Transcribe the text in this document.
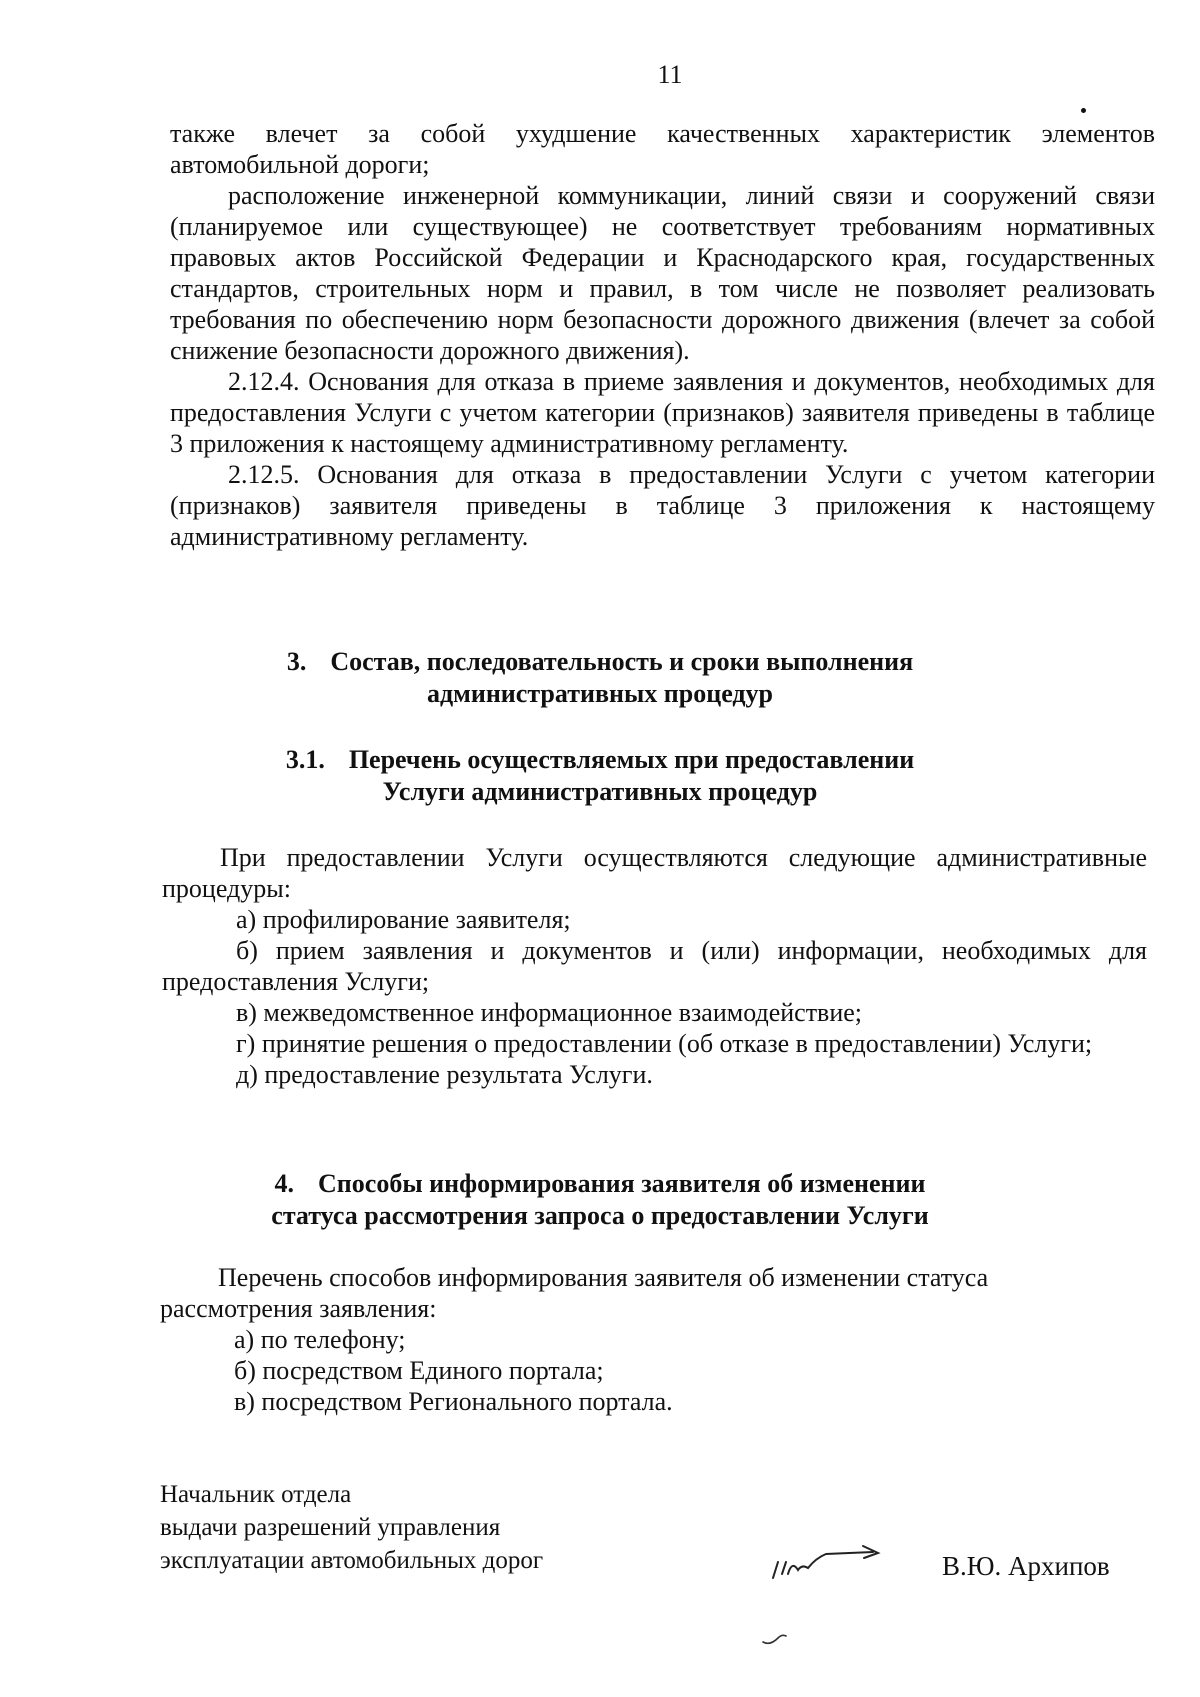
11

также влечет за собой ухудшение качественных характеристик элементов автомобильной дороги;

расположение инженерной коммуникации, линий связи и сооружений связи (планируемое или существующее) не соответствует требованиям нормативных правовых актов Российской Федерации и Краснодарского края, государственных стандартов, строительных норм и правил, в том числе не позволяет реализовать требования по обеспечению норм безопасности дорожного движения (влечет за собой снижение безопасности дорожного движения).

2.12.4. Основания для отказа в приеме заявления и документов, необходимых для предоставления Услуги с учетом категории (признаков) заявителя приведены в таблице 3 приложения к настоящему административному регламенту.

2.12.5. Основания для отказа в предоставлении Услуги с учетом категории (признаков) заявителя приведены в таблице 3 приложения к настоящему административному регламенту.

3. Состав, последовательность и сроки выполнения
административных процедур
3.1. Перечень осуществляемых при предоставлении
Услуги административных процедур

При предоставлении Услуги осуществляются следующие административные процедуры:

а) профилирование заявителя;

б) прием заявления и документов и (или) информации, необходимых для предоставления Услуги;

в) межведомственное информационное взаимодействие;

г) принятие решения о предоставлении (об отказе в предоставлении) Услуги;

д) предоставление результата Услуги.

4. Способы информирования заявителя об изменении
статуса рассмотрения запроса о предоставлении Услуги

Перечень способов информирования заявителя об изменении статуса рассмотрения заявления:

а) по телефону;

б) посредством Единого портала;

в) посредством Регионального портала.

Начальник отдела
выдачи разрешений управления
эксплуатации автомобильных дорог	В.Ю. Архипов
